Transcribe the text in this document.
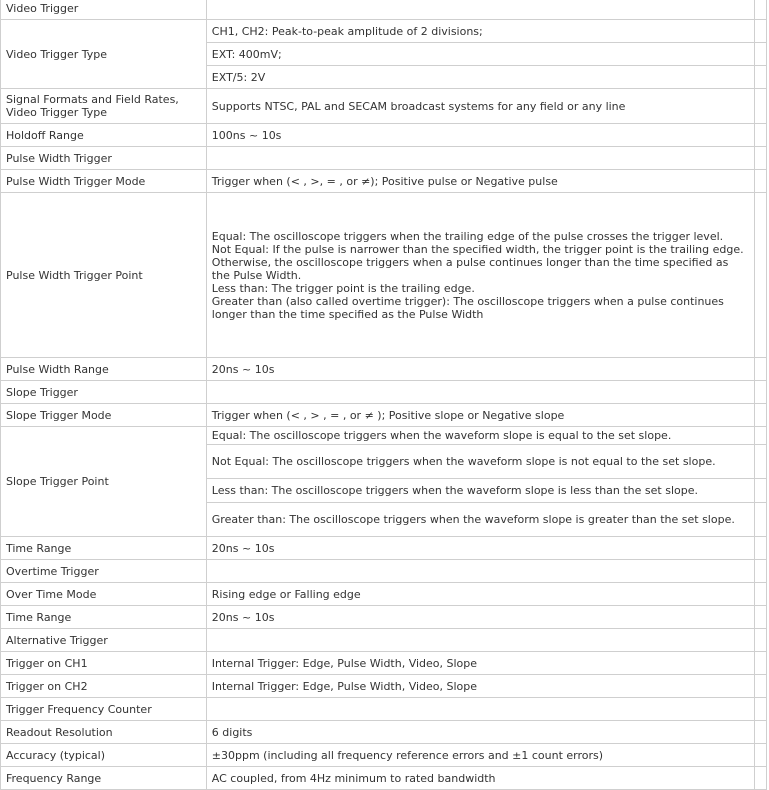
Video Trigger		
Video Trigger Type	CH1, CH2: Peak-to-peak amplitude of 2 divisions;	
	EXT: 400mV;	
	EXT/5: 2V	
Signal Formats and Field Rates, Video Trigger Type	Supports NTSC, PAL and SECAM broadcast systems for any field or any line	
Holdoff Range	100ns ~ 10s	
Pulse Width Trigger		
Pulse Width Trigger Mode	Trigger when (< , >, = , or ≠); Positive pulse or Negative pulse	
Pulse Width Trigger Point	Equal: The oscilloscope triggers when the trailing edge of the pulse crosses the trigger level.
Not Equal: If the pulse is narrower than the specified width, the trigger point is the trailing edge. Otherwise, the oscilloscope triggers when a pulse continues longer than the time specified as the Pulse Width.
Less than: The trigger point is the trailing edge.
Greater than (also called overtime trigger): The oscilloscope triggers when a pulse continues longer than the time specified as the Pulse Width	

Pulse Width Range	20ns ~ 10s	
Slope Trigger		
Slope Trigger Mode	Trigger when (< , > , = , or ≠ ); Positive slope or Negative slope	
Slope Trigger Point	Equal: The oscilloscope triggers when the waveform slope is equal to the set slope.	
	Not Equal: The oscilloscope triggers when the waveform slope is not equal to the set slope.	
	Less than: The oscilloscope triggers when the waveform slope is less than the set slope.	
	Greater than: The oscilloscope triggers when the waveform slope is greater than the set slope.	
Time Range	20ns ~ 10s	
Overtime Trigger		
Over Time Mode	Rising edge or Falling edge	
Time Range	20ns ~ 10s	
Alternative Trigger		
Trigger on CH1	Internal Trigger: Edge, Pulse Width, Video, Slope	
Trigger on CH2	Internal Trigger: Edge, Pulse Width, Video, Slope	
Trigger Frequency Counter		
Readout Resolution	6 digits	
Accuracy (typical)	±30ppm (including all frequency reference errors and ±1 count errors)	
Frequency Range	AC coupled, from 4Hz minimum to rated bandwidth	
